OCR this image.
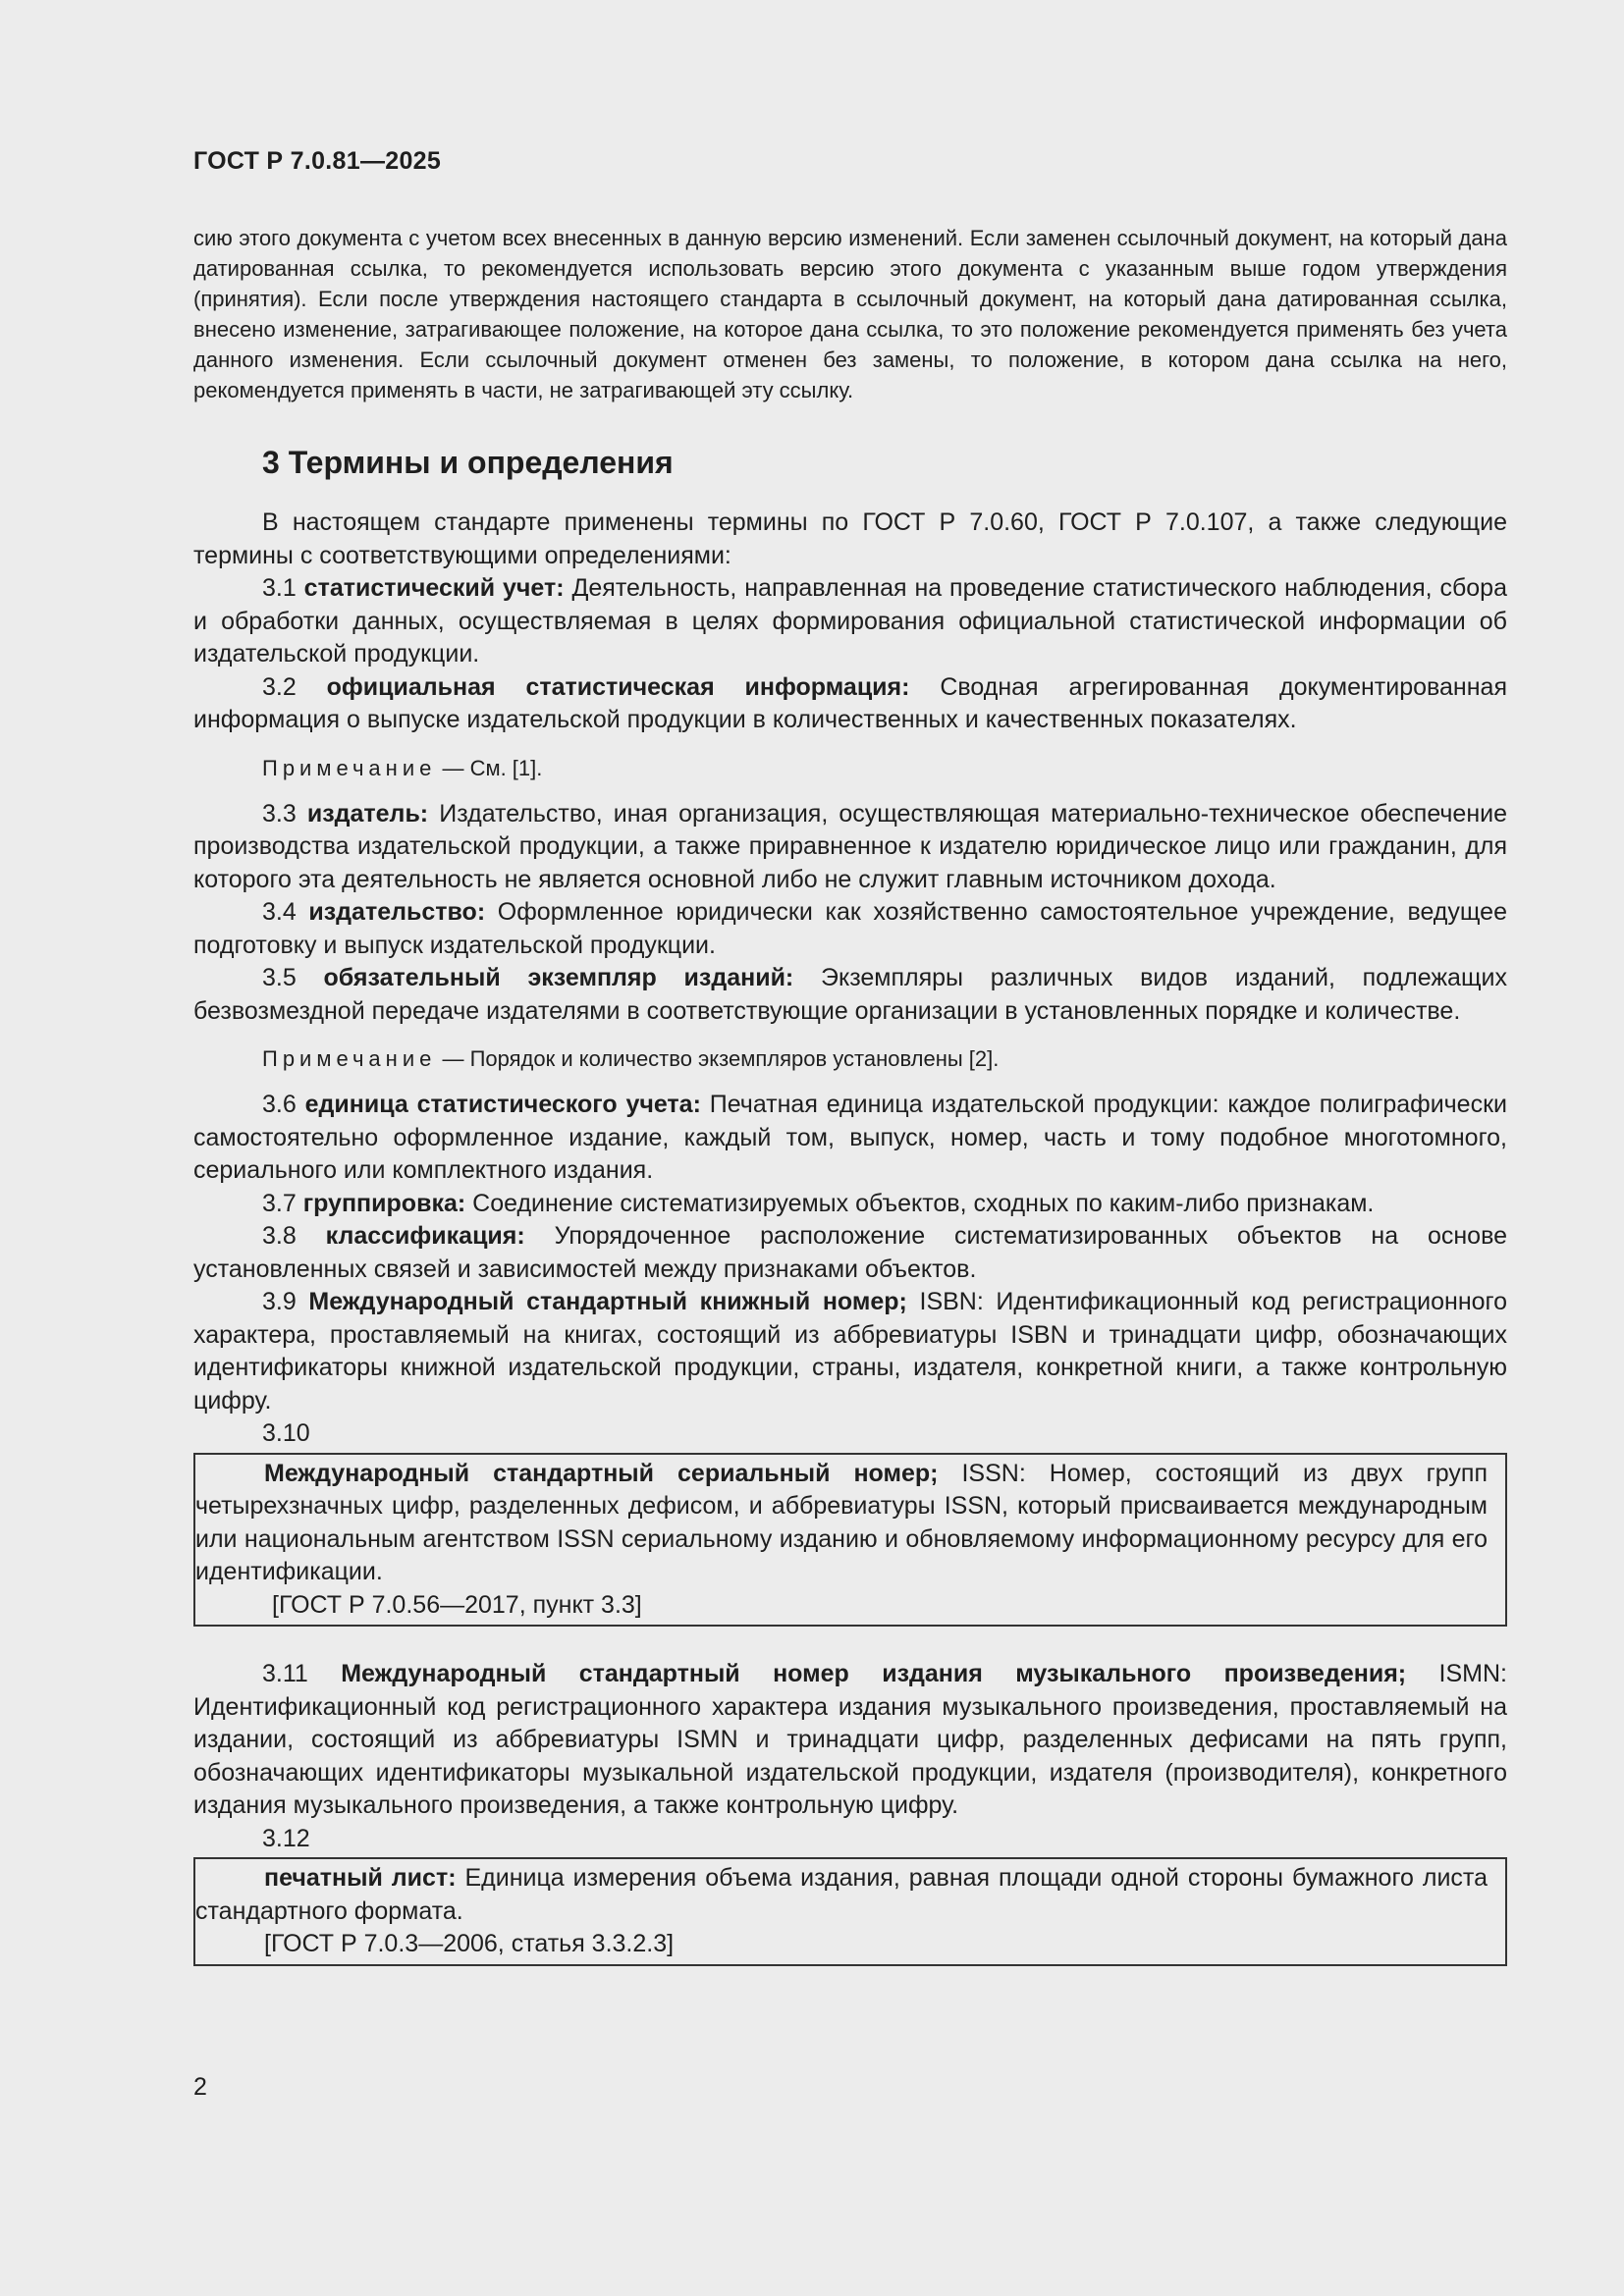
ГОСТ Р 7.0.81—2025
сию этого документа с учетом всех внесенных в данную версию изменений. Если заменен ссылочный документ, на который дана датированная ссылка, то рекомендуется использовать версию этого документа с указанным выше годом утверждения (принятия). Если после утверждения настоящего стандарта в ссылочный документ, на который дана датированная ссылка, внесено изменение, затрагивающее положение, на которое дана ссылка, то это положение рекомендуется применять без учета данного изменения. Если ссылочный документ отменен без замены, то положение, в котором дана ссылка на него, рекомендуется применять в части, не затрагивающей эту ссылку.
3 Термины и определения

В настоящем стандарте применены термины по ГОСТ Р 7.0.60, ГОСТ Р 7.0.107, а также следующие термины с соответствующими определениями:

3.1 статистический учет: Деятельность, направленная на проведение статистического наблюдения, сбора и обработки данных, осуществляемая в целях формирования официальной статистической информации об издательской продукции.

3.2 официальная статистическая информация: Сводная агрегированная документированная информация о выпуске издательской продукции в количественных и качественных показателях.

Примечание — См. [1].

3.3 издатель: Издательство, иная организация, осуществляющая материально-техническое обеспечение производства издательской продукции, а также приравненное к издателю юридическое лицо или гражданин, для которого эта деятельность не является основной либо не служит главным источником дохода.

3.4 издательство: Оформленное юридически как хозяйственно самостоятельное учреждение, ведущее подготовку и выпуск издательской продукции.

3.5 обязательный экземпляр изданий: Экземпляры различных видов изданий, подлежащих безвозмездной передаче издателями в соответствующие организации в установленных порядке и количестве.

Примечание — Порядок и количество экземпляров установлены [2].

3.6 единица статистического учета: Печатная единица издательской продукции: каждое полиграфически самостоятельно оформленное издание, каждый том, выпуск, номер, часть и тому подобное многотомного, сериального или комплектного издания.

3.7 группировка: Соединение систематизируемых объектов, сходных по каким-либо признакам.

3.8 классификация: Упорядоченное расположение систематизированных объектов на основе установленных связей и зависимостей между признаками объектов.

3.9 Международный стандартный книжный номер; ISBN: Идентификационный код регистрационного характера, проставляемый на книгах, состоящий из аббревиатуры ISBN и тринадцати цифр, обозначающих идентификаторы книжной издательской продукции, страны, издателя, конкретной книги, а также контрольную цифру.

3.10

Международный стандартный сериальный номер; ISSN: Номер, состоящий из двух групп четырехзначных цифр, разделенных дефисом, и аббревиатуры ISSN, который присваивается международным или национальным агентством ISSN сериальному изданию и обновляемому информационному ресурсу для его идентификации.

[ГОСТ Р 7.0.56—2017, пункт 3.3]

3.11 Международный стандартный номер издания музыкального произведения; ISMN: Идентификационный код регистрационного характера издания музыкального произведения, проставляемый на издании, состоящий из аббревиатуры ISMN и тринадцати цифр, разделенных дефисами на пять групп, обозначающих идентификаторы музыкальной издательской продукции, издателя (производителя), конкретного издания музыкального произведения, а также контрольную цифру.

3.12

печатный лист: Единица измерения объема издания, равная площади одной стороны бумажного листа стандартного формата.

[ГОСТ Р 7.0.3—2006, статья 3.3.2.3]

2
